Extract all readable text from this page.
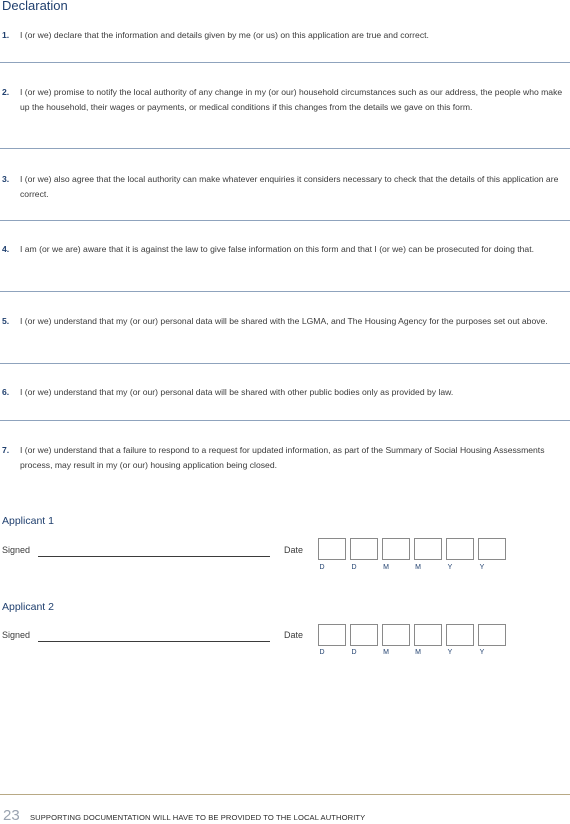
Declaration
1. I (or we) declare that the information and details given by me (or us) on this application are true and correct.
2. I (or we) promise to notify the local authority of any change in my (or our) household circumstances such as our address, the people who make up the household, their wages or payments, or medical conditions if this changes from the details we gave on this form.
3. I (or we) also agree that the local authority can make whatever enquiries it considers necessary to check that the details of this application are correct.
4. I am (or we are) aware that it is against the law to give false information on this form and that I (or we) can be prosecuted for doing that.
5. I (or we) understand that my (or our) personal data will be shared with the LGMA, and The Housing Agency for the purposes set out above.
6. I (or we) understand that my (or our) personal data will be shared with other public bodies only as provided by law.
7. I (or we) understand that a failure to respond to a request for updated information, as part of the Summary of Social Housing Assessments process, may result in my (or our) housing application being closed.
Applicant 1
Signed	Date
D	D	M	M	Y	Y
Applicant 2
Signed	Date
D	D	M	M	Y	Y
23 SUPPORTING DOCUMENTATION WILL HAVE TO BE PROVIDED TO THE LOCAL AUTHORITY
